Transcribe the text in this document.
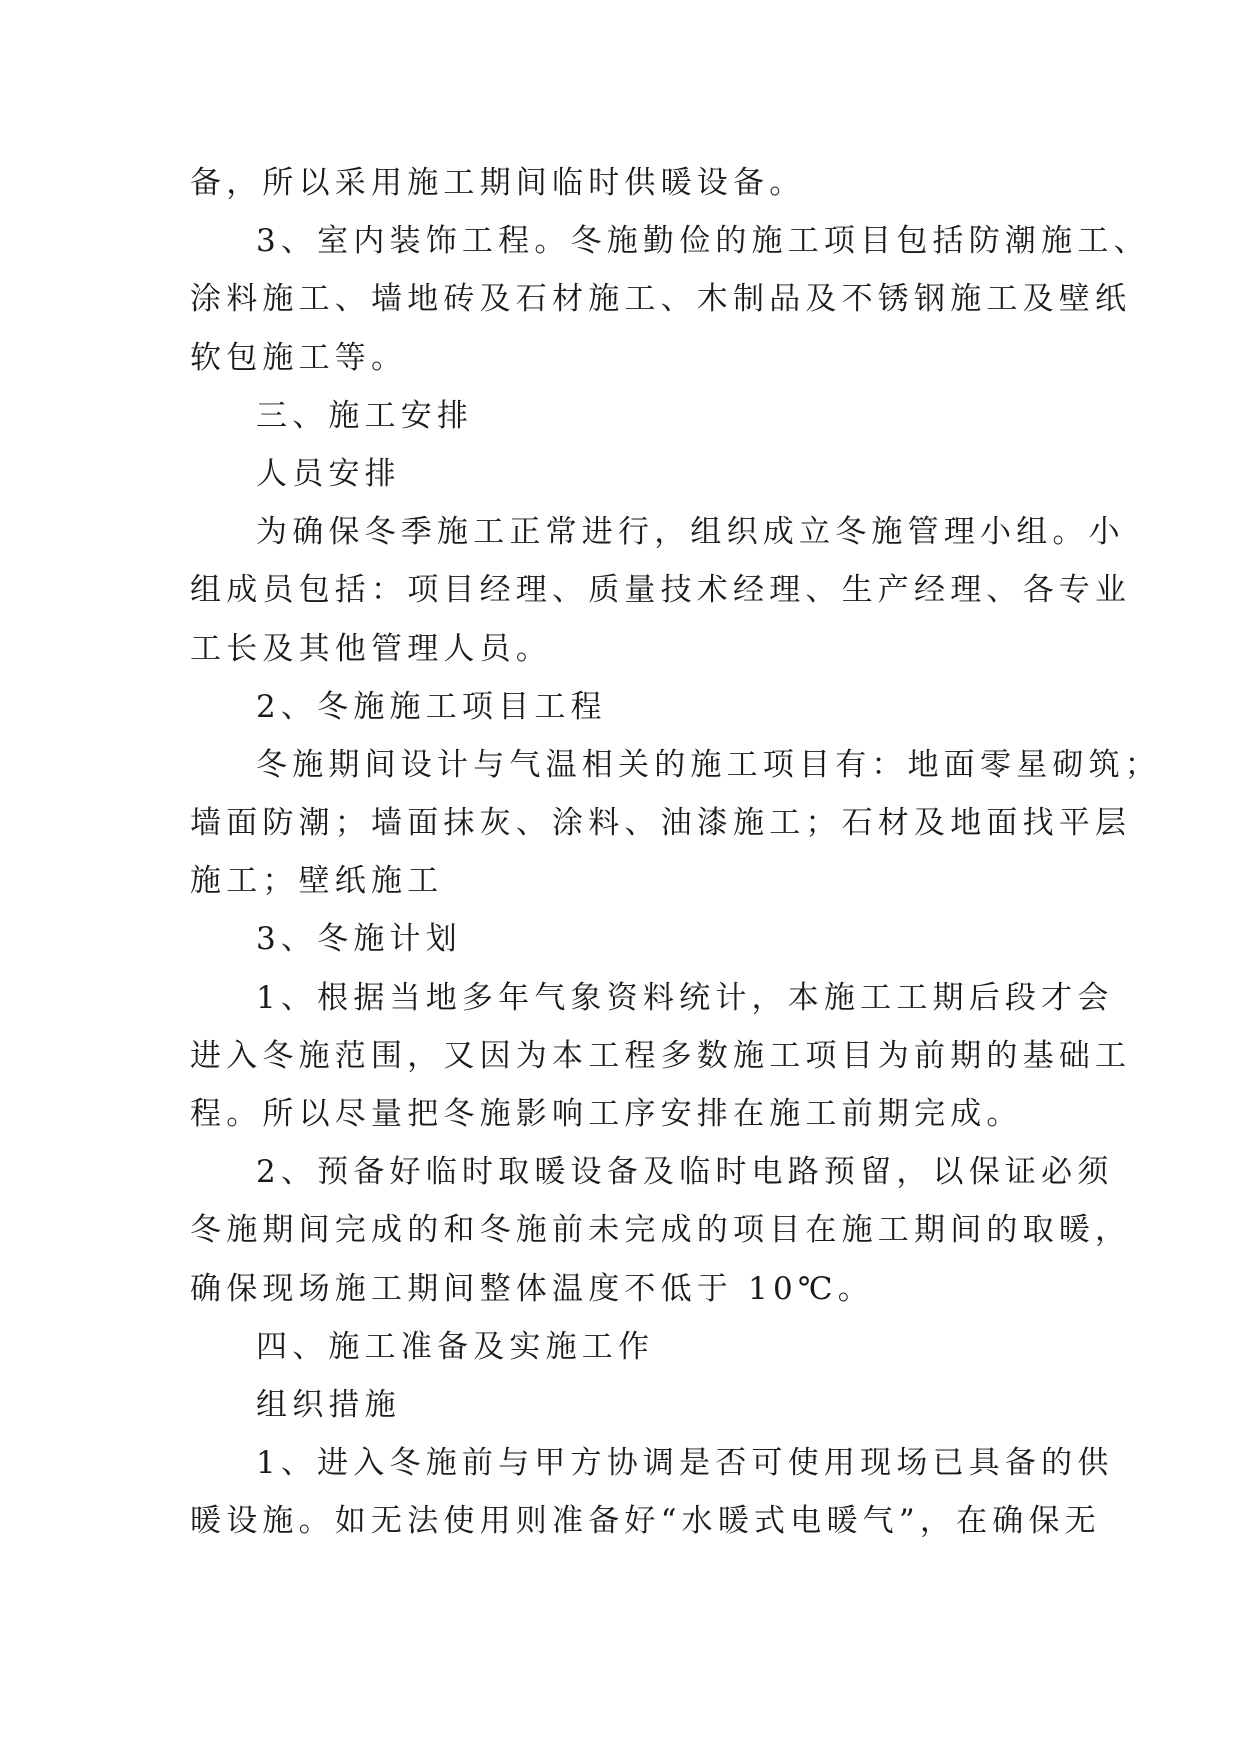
备，所以采用施工期间临时供暖设备。

3、室内装饰工程。冬施勤俭的施工项目包括防潮施工、

涂料施工、墙地砖及石材施工、木制品及不锈钢施工及壁纸

软包施工等。

三、施工安排

人员安排

为确保冬季施工正常进行，组织成立冬施管理小组。小

组成员包括：项目经理、质量技术经理、生产经理、各专业

工长及其他管理人员。

2、冬施施工项目工程

冬施期间设计与气温相关的施工项目有：地面零星砌筑；

墙面防潮；墙面抹灰、涂料、油漆施工；石材及地面找平层

施工；壁纸施工

3、冬施计划

1、根据当地多年气象资料统计，本施工工期后段才会

进入冬施范围，又因为本工程多数施工项目为前期的基础工

程。所以尽量把冬施影响工序安排在施工前期完成。

2、预备好临时取暖设备及临时电路预留，以保证必须

冬施期间完成的和冬施前未完成的项目在施工期间的取暖，

确保现场施工期间整体温度不低于 10℃。

四、施工准备及实施工作

组织措施

1、进入冬施前与甲方协调是否可使用现场已具备的供

暖设施。如无法使用则准备好“水暖式电暖气”，在确保无
